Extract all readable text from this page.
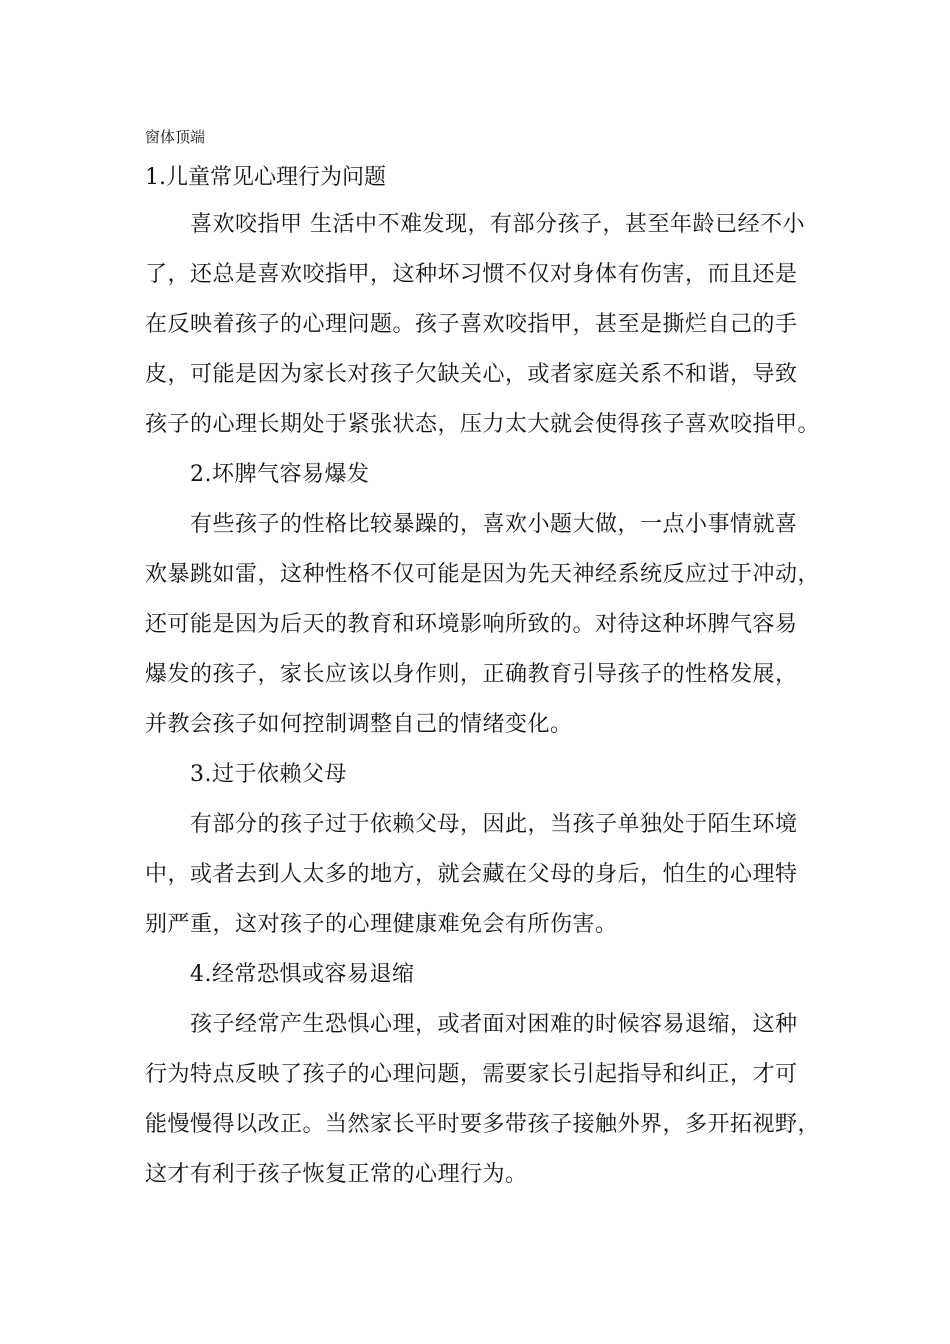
窗体顶端
1.儿童常见心理行为问题
喜欢咬指甲 生活中不难发现，有部分孩子，甚至年龄已经不小
了，还总是喜欢咬指甲，这种坏习惯不仅对身体有伤害，而且还是
在反映着孩子的心理问题。孩子喜欢咬指甲，甚至是撕烂自己的手
皮，可能是因为家长对孩子欠缺关心，或者家庭关系不和谐，导致
孩子的心理长期处于紧张状态，压力太大就会使得孩子喜欢咬指甲。
2.坏脾气容易爆发
有些孩子的性格比较暴躁的，喜欢小题大做，一点小事情就喜
欢暴跳如雷，这种性格不仅可能是因为先天神经系统反应过于冲动，
还可能是因为后天的教育和环境影响所致的。对待这种坏脾气容易
爆发的孩子，家长应该以身作则，正确教育引导孩子的性格发展，
并教会孩子如何控制调整自己的情绪变化。
3.过于依赖父母
有部分的孩子过于依赖父母，因此，当孩子单独处于陌生环境
中，或者去到人太多的地方，就会藏在父母的身后，怕生的心理特
别严重，这对孩子的心理健康难免会有所伤害。
4.经常恐惧或容易退缩
孩子经常产生恐惧心理，或者面对困难的时候容易退缩，这种
行为特点反映了孩子的心理问题，需要家长引起指导和纠正，才可
能慢慢得以改正。当然家长平时要多带孩子接触外界，多开拓视野，
这才有利于孩子恢复正常的心理行为。
